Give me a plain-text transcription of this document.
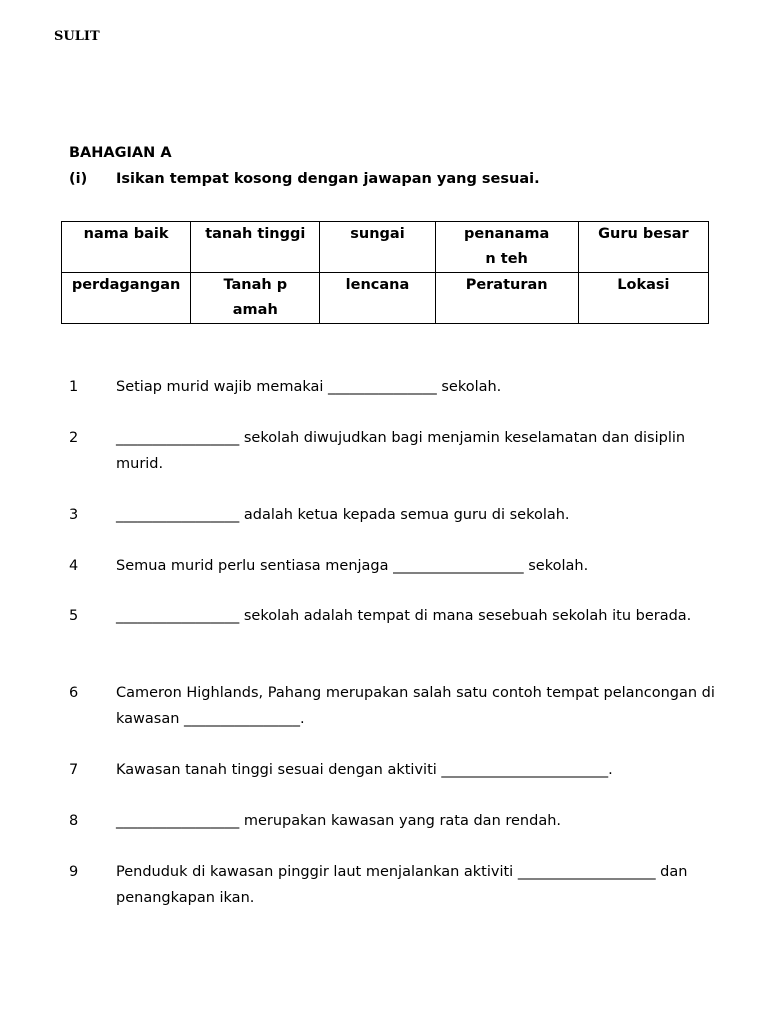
SULIT
BAHAGIAN A
(i) Isikan tempat kosong dengan jawapan yang sesuai.
nama baik	tanah tinggi	sungai	penanaman teh	Guru besar
perdagangan	Tanah pamah	lencana	Peraturan	Lokasi
1	Setiap murid wajib memakai _______________ sekolah.
2	_________________ sekolah diwujudkan bagi menjamin keselamatan dan disiplin murid.
3	_________________ adalah ketua kepada semua guru di sekolah.
4	Semua murid perlu sentiasa menjaga __________________ sekolah.
5	_________________ sekolah adalah tempat di mana sesebuah sekolah itu berada.
6	Cameron Highlands, Pahang merupakan salah satu contoh tempat pelancongan di kawasan ________________.
7	Kawasan tanah tinggi sesuai dengan aktiviti _______________________.
8	_________________ merupakan kawasan yang rata dan rendah.
9	Penduduk di kawasan pinggir laut menjalankan aktiviti ___________________ dan penangkapan ikan.
